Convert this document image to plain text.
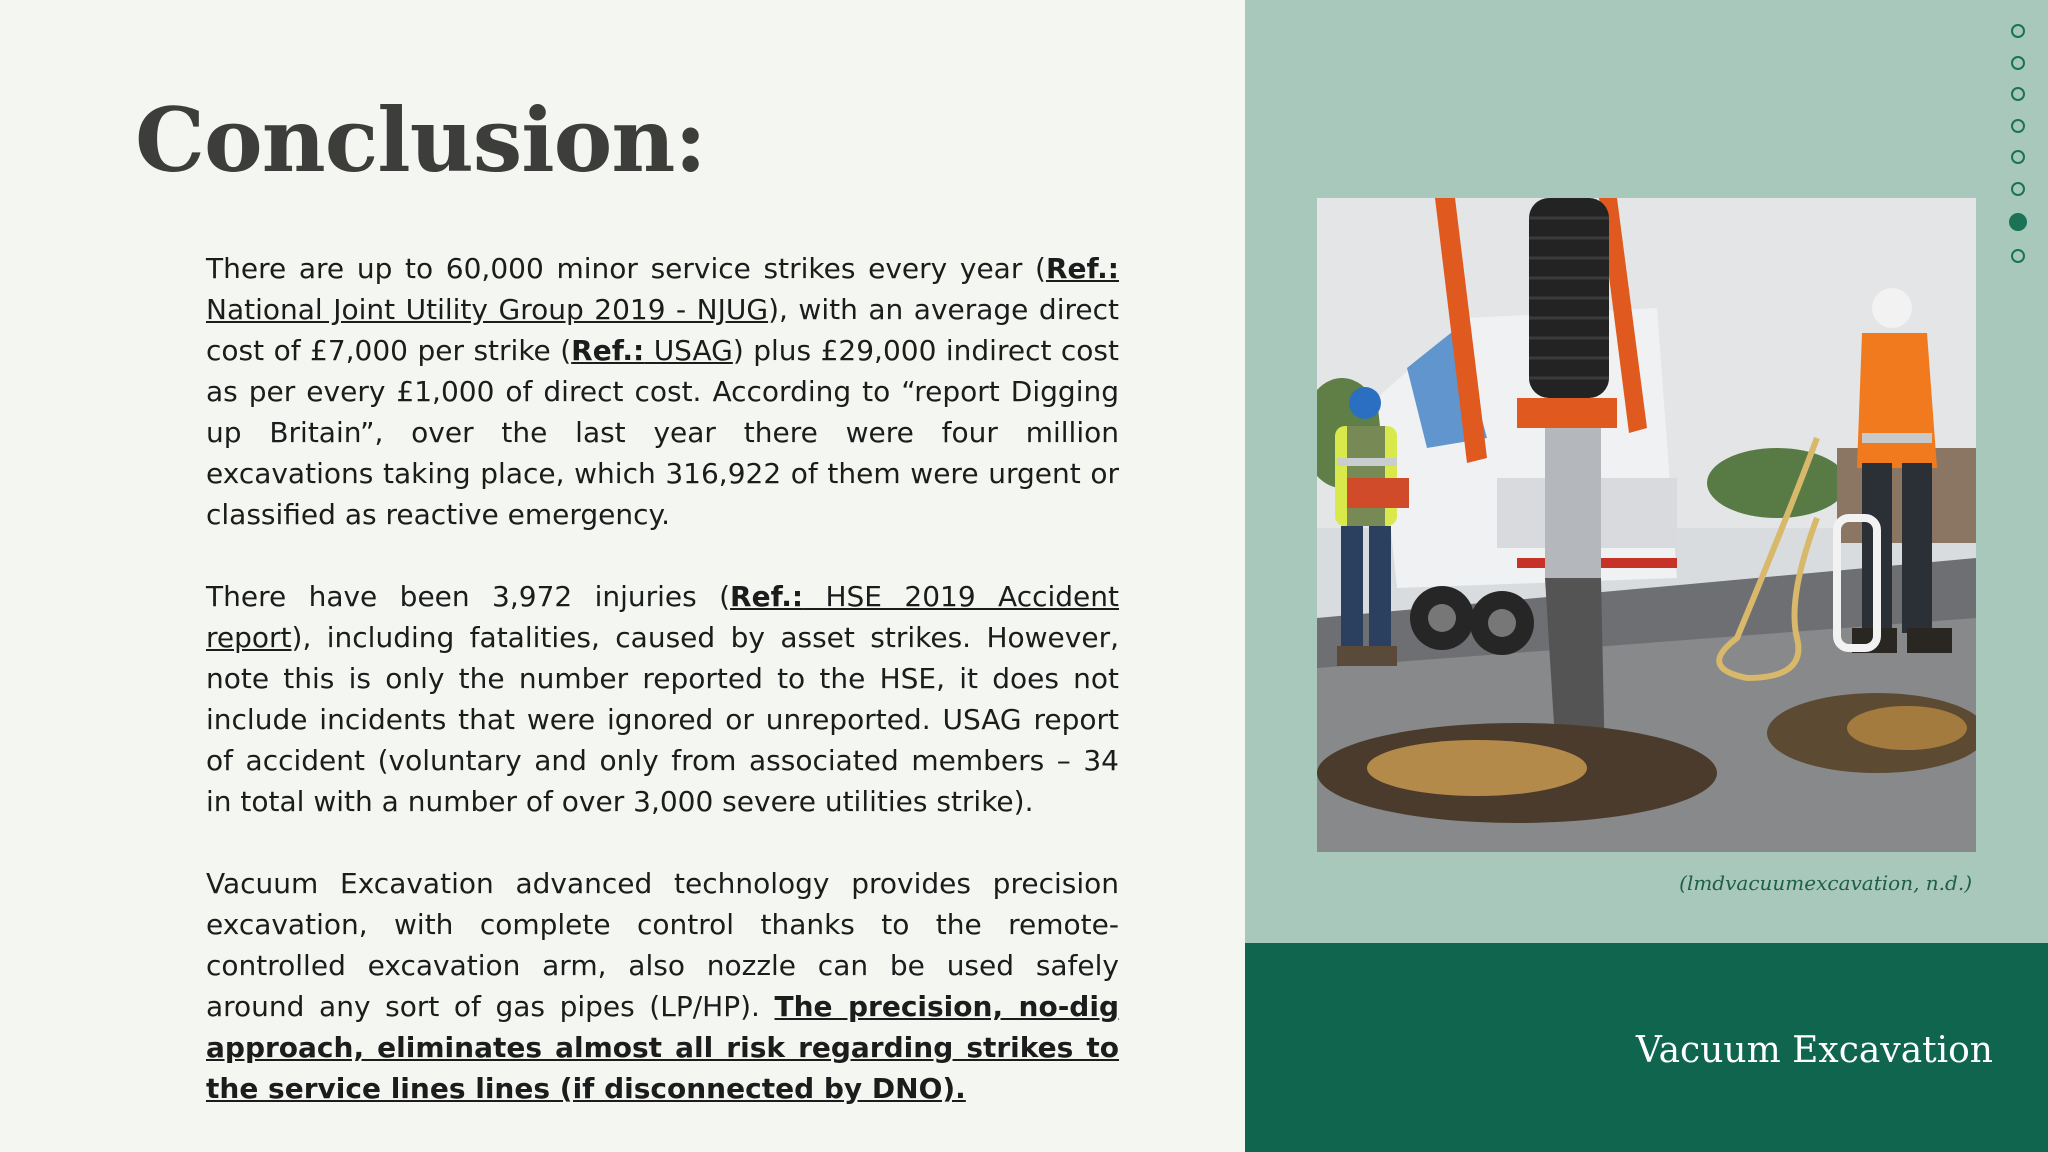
Conclusion:

There are up to 60,000 minor service strikes every year (Ref.: National Joint Utility Group 2019 - NJUG), with an average direct cost of £7,000 per strike (Ref.: USAG) plus £29,000 indirect cost as per every £1,000 of direct cost. According to “report Digging up Britain”, over the last year there were four million excavations taking place, which 316,922 of them were urgent or classified as reactive emergency.

There have been 3,972 injuries (Ref.: HSE 2019 Accident report), including fatalities, caused by asset strikes. However, note this is only the number reported to the HSE, it does not include incidents that were ignored or unreported. USAG report of accident (voluntary and only from associated members – 34 in total with a number of over 3,000 severe utilities strike).

Vacuum Excavation advanced technology provides precision excavation, with complete control thanks to the remote-controlled excavation arm, also nozzle can be used safely around any sort of gas pipes (LP/HP). The precision, no-dig approach, eliminates almost all risk regarding strikes to the service lines lines (if disconnected by DNO).

(lmdvacuumexcavation, n.d.)
Vacuum Excavation
